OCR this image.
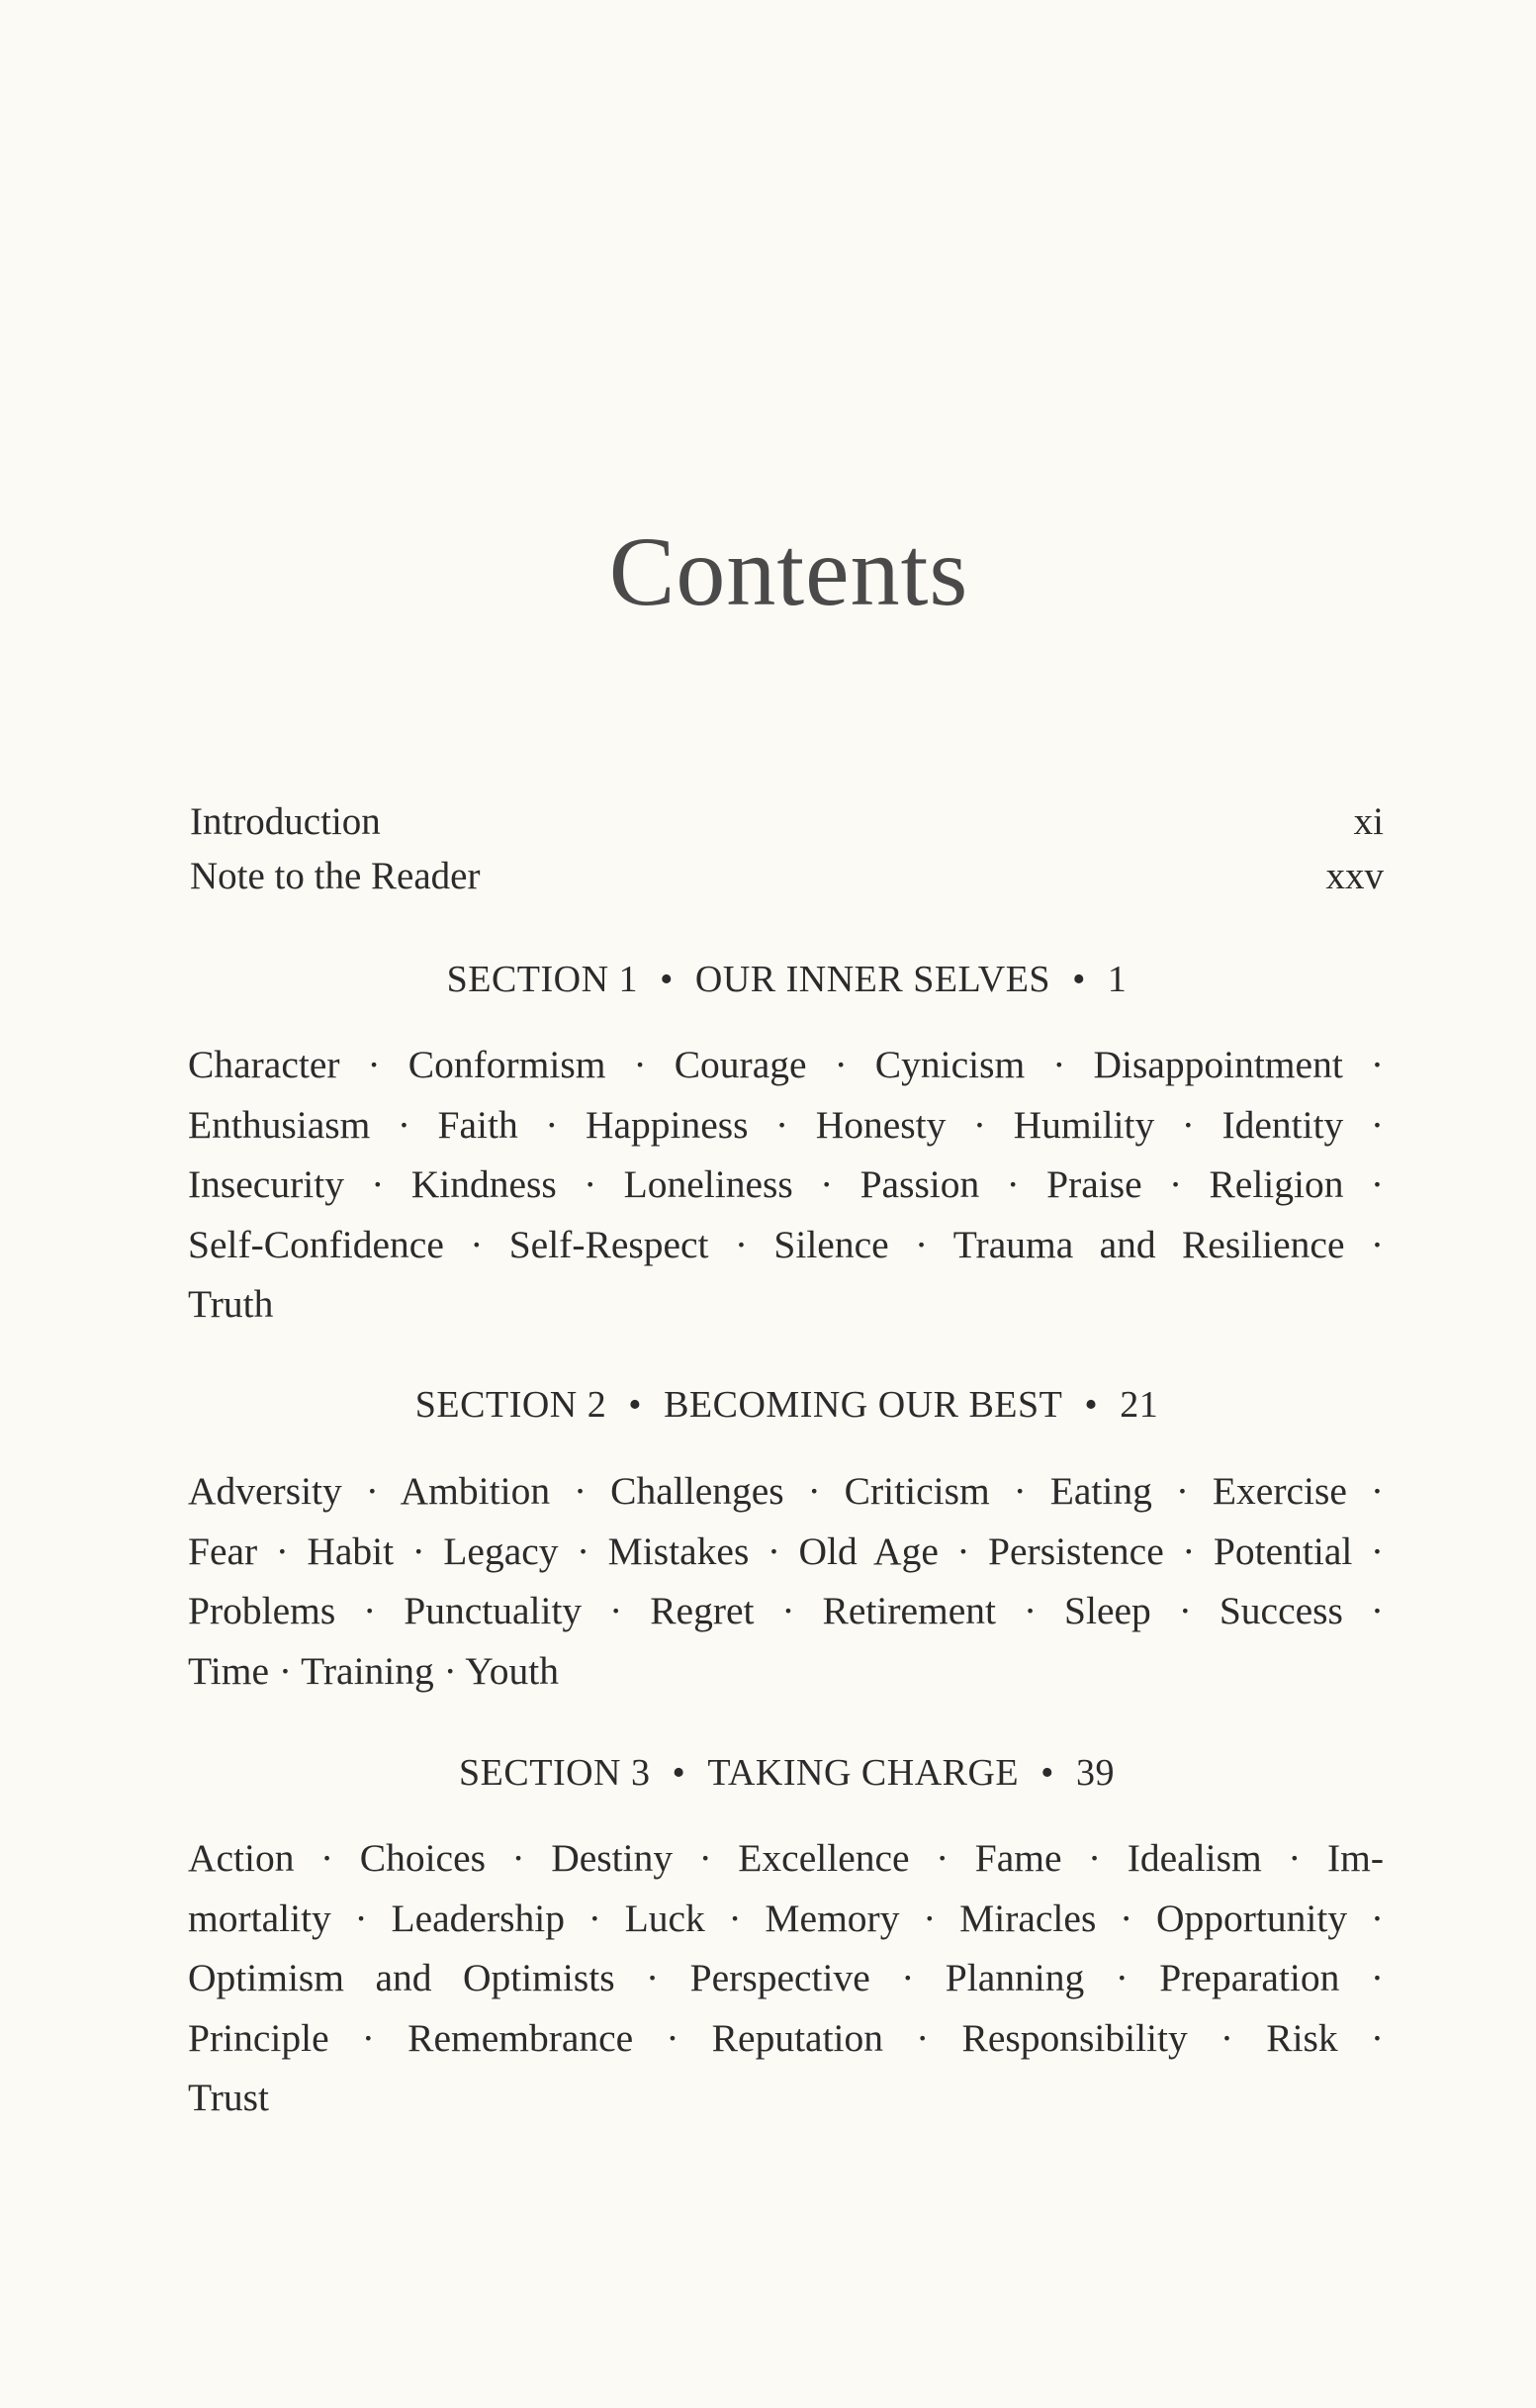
Contents
Introduction	xi
Note to the Reader	xxv
SECTION 1 • OUR INNER SELVES • 1
Character · Conformism · Courage · Cynicism · Disappointment ·
Enthusiasm · Faith · Happiness · Honesty · Humility · Identity ·
Insecurity · Kindness · Loneliness · Passion · Praise · Religion ·
Self-Confidence · Self-Respect · Silence · Trauma and Resilience ·
Truth
SECTION 2 • BECOMING OUR BEST • 21
Adversity · Ambition · Challenges · Criticism · Eating · Exercise ·
Fear · Habit · Legacy · Mistakes · Old Age · Persistence · Potential ·
Problems · Punctuality · Regret · Retirement · Sleep · Success ·
Time · Training · Youth
SECTION 3 • TAKING CHARGE • 39
Action · Choices · Destiny · Excellence · Fame · Idealism · Im-
mortality · Leadership · Luck · Memory · Miracles · Opportunity ·
Optimism and Optimists · Perspective · Planning · Preparation ·
Principle · Remembrance · Reputation · Responsibility · Risk ·
Trust
